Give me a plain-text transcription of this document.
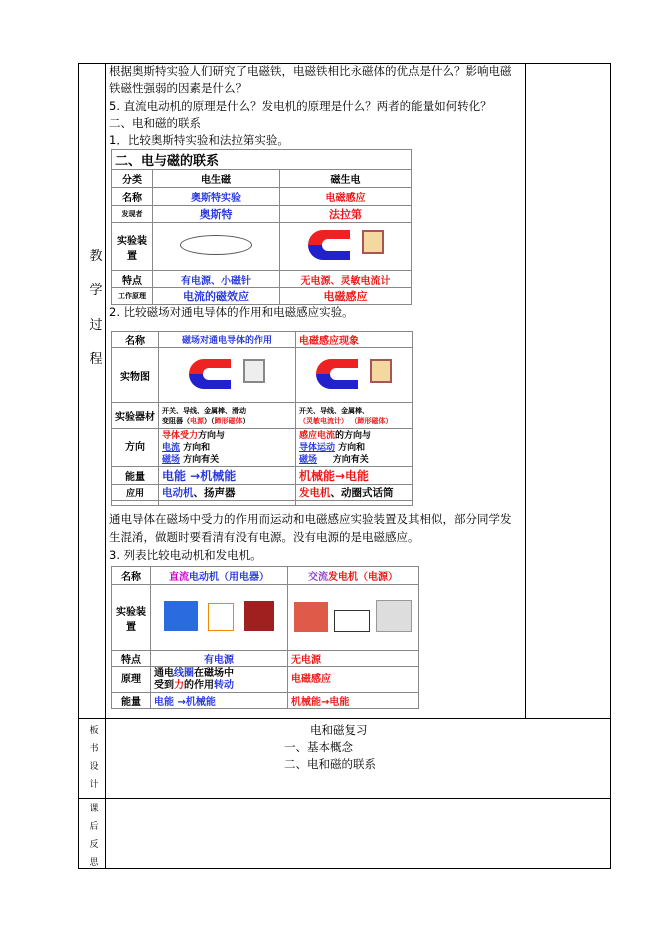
教
学
过
程
板
书
设
计
课
后
反
思
根据奥斯特实验人们研究了电磁铁，电磁铁相比永磁体的优点是什么？影响电磁
铁磁性强弱的因素是什么？
5. 直流电动机的原理是什么？发电机的原理是什么？两者的能量如何转化？
二、电和磁的联系
1．比较奥斯特实验和法拉第实验。
2. 比较磁场对通电导体的作用和电磁感应实验。
通电导体在磁场中受力的作用而运动和电磁感应实验装置及其相似，部分同学发
生混淆，做题时要看清有没有电源。没有电源的是电磁感应。
3. 列表比较电动机和发电机。
二、电与磁的联系		
分类	电生磁	磁生电
名称	奥斯特实验	电磁感应
发现者	奥斯特	法拉第
实验装置		

特点	有电源、小磁针	无电源、灵敏电流计
工作原理	电流的磁效应	电磁感应
名称	磁场对通电导体的作用	电磁感应现象
实物图	

实验器材	开关、导线、金属棒、滑动
变阻器（电源）（蹄形磁体）	开关、导线、金属棒、
（灵敏电流计） （蹄形磁体）
方向	导体受力方向与
电流 方向和
磁场 方向有关	感应电流的方向与
导体运动 方向和
磁场 方向有关
能量	电能 →机械能	机械能→电能
应用	电动机、扬声器	发电机、动圈式话筒

名称	直流电动机（用电器）	交流发电机（电源）
实验装置		
特点	有电源	无电源
原理	通电线圈在磁场中
受到力的作用转动	电磁感应
能量	电能 →机械能	机械能→电能
电和磁复习
一、基本概念
二、电和磁的联系
